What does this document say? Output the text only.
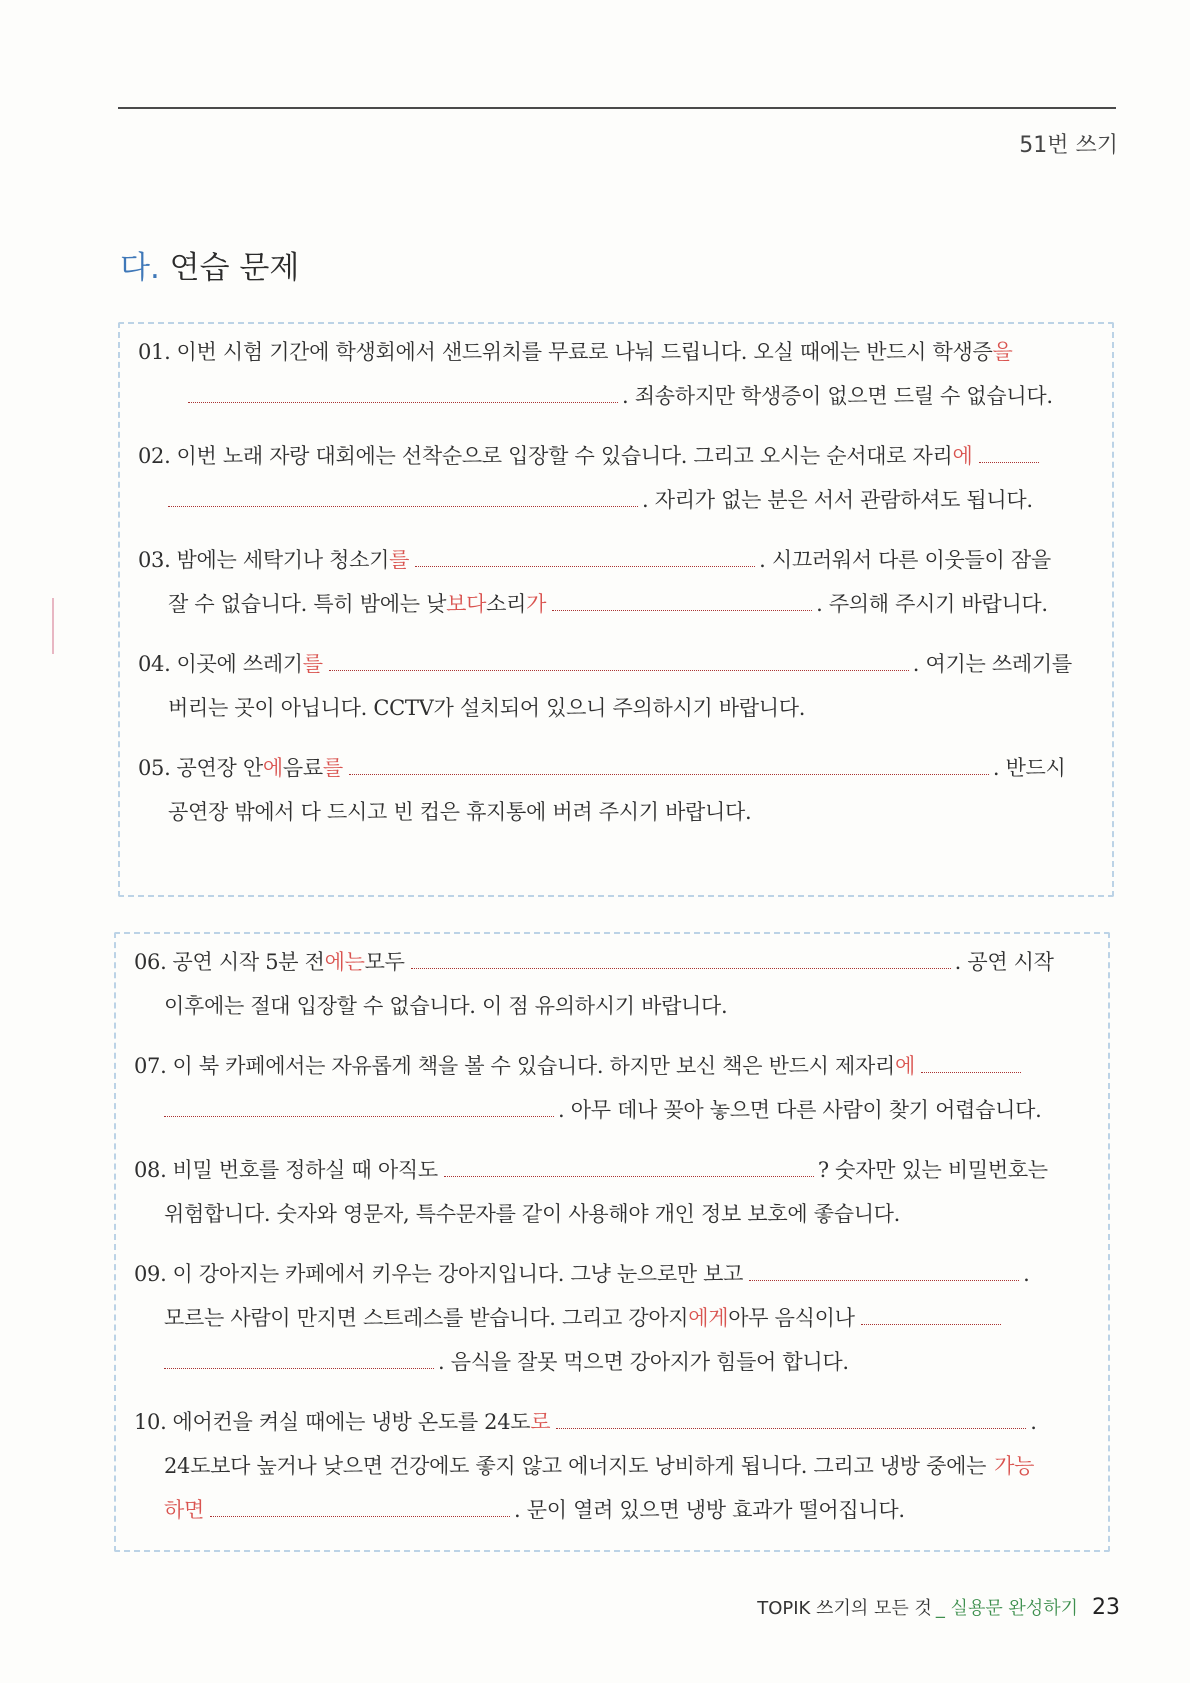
51번 쓰기
다. 연습 문제
01. 이번 시험 기간에 학생회에서 샌드위치를 무료로 나눠 드립니다. 오실 때에는 반드시 학생증 을
. 죄송하지만 학생증이 없으면 드릴 수 없습니다.
02. 이번 노래 자랑 대회에는 선착순으로 입장할 수 있습니다. 그리고 오시는 순서대로 자리 에
. 자리가 없는 분은 서서 관람하셔도 됩니다.
03. 밤에는 세탁기나 청소기 를	. 시끄러워서 다른 이웃들이 잠을
잘 수 없습니다. 특히 밤에는 낮 보다 소리 가	. 주의해 주시기 바랍니다.
04. 이곳에 쓰레기 를	. 여기는 쓰레기를
버리는 곳이 아닙니다. CCTV가 설치되어 있으니 주의하시기 바랍니다.
05. 공연장 안 에 음료 를	. 반드시
공연장 밖에서 다 드시고 빈 컵은 휴지통에 버려 주시기 바랍니다.
06. 공연 시작 5분 전 에는 모두	. 공연 시작
이후에는 절대 입장할 수 없습니다. 이 점 유의하시기 바랍니다.
07. 이 북 카페에서는 자유롭게 책을 볼 수 있습니다. 하지만 보신 책은 반드시 제자리 에
. 아무 데나 꽂아 놓으면 다른 사람이 찾기 어렵습니다.
08. 비밀 번호를 정하실 때 아직도	? 숫자만 있는 비밀번호는
위험합니다. 숫자와 영문자, 특수문자를 같이 사용해야 개인 정보 보호에 좋습니다.
09. 이 강아지는 카페에서 키우는 강아지입니다. 그냥 눈으로만 보고	.
모르는 사람이 만지면 스트레스를 받습니다. 그리고 강아지 에게 아무 음식이나
. 음식을 잘못 먹으면 강아지가 힘들어 합니다.
10. 에어컨을 켜실 때에는 냉방 온도를 24도 로	.
24도보다 높거나 낮으면 건강에도 좋지 않고 에너지도 낭비하게 됩니다. 그리고 냉방 중에는 가능
하면	. 문이 열려 있으면 냉방 효과가 떨어집니다.
TOPIK 쓰기의 모든 것 _ 실용문 완성하기 23
